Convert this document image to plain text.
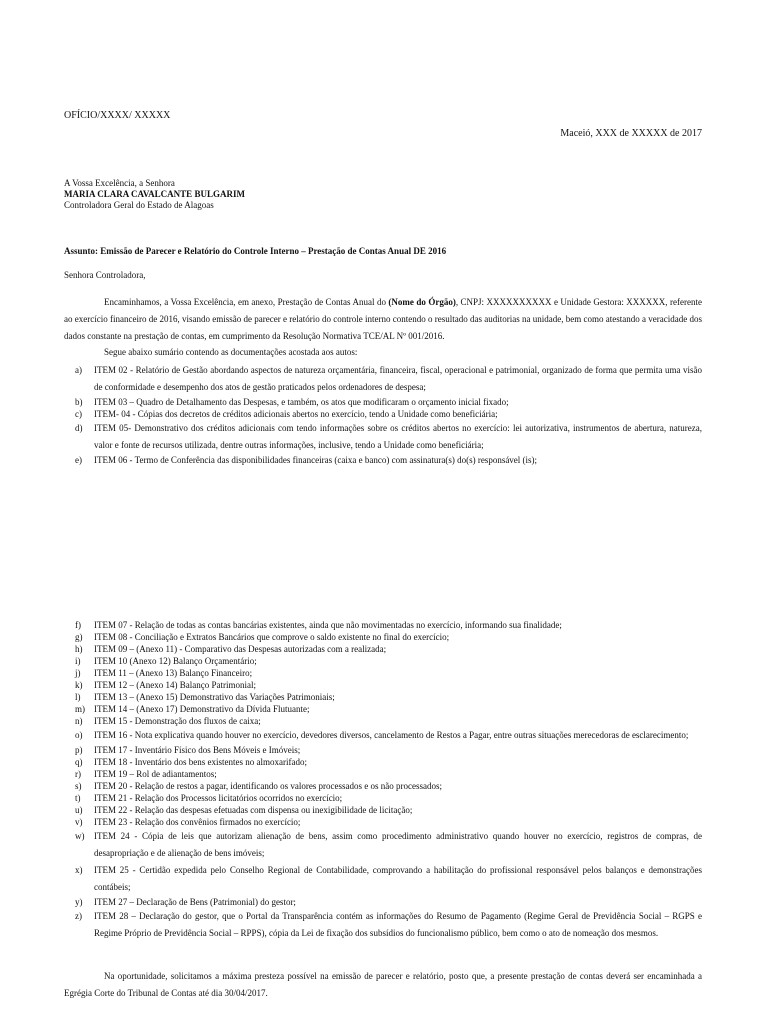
OFÍCIO/XXXX/ XXXXX

Maceió, XXX de XXXXX de 2017

A Vossa Excelência, a Senhora
MARIA CLARA CAVALCANTE BULGARIM
Controladora Geral do Estado de Alagoas
Assunto: Emissão de Parecer e Relatório do Controle Interno – Prestação de Contas Anual DE 2016
Senhora Controladora,

Encaminhamos, a Vossa Excelência, em anexo, Prestação de Contas Anual do (Nome do Órgão), CNPJ: XXXXXXXXXX e Unidade Gestora: XXXXXX, referente ao exercício financeiro de 2016, visando emissão de parecer e relatório do controle interno contendo o resultado das auditorias na unidade, bem como atestando a veracidade dos dados constante na prestação de contas, em cumprimento da Resolução Normativa TCE/AL Nº 001/2016.

Segue abaixo sumário contendo as documentações acostada aos autos:

a)	ITEM 02 - Relatório de Gestão abordando aspectos de natureza orçamentária, financeira, fiscal, operacional e patrimonial, organizado de forma que permita uma visão de conformidade e desempenho dos atos de gestão praticados pelos ordenadores de despesa;
b)	ITEM 03 – Quadro de Detalhamento das Despesas, e também, os atos que modificaram o orçamento inicial fixado;
c)	ITEM- 04 - Cópias dos decretos de créditos adicionais abertos no exercício, tendo a Unidade como beneficiária;
d)	ITEM 05- Demonstrativo dos créditos adicionais com tendo informações sobre os créditos abertos no exercício: lei autorizativa, instrumentos de abertura, natureza, valor e fonte de recursos utilizada, dentre outras informações, inclusive, tendo a Unidade como beneficiária;
e)	ITEM 06 - Termo de Conferência das disponibilidades financeiras (caixa e banco) com assinatura(s) do(s) responsável (is);
f)	ITEM 07 - Relação de todas as contas bancárias existentes, ainda que não movimentadas no exercício, informando sua finalidade;
g)	ITEM 08 - Conciliação e Extratos Bancários que comprove o saldo existente no final do exercício;
h)	ITEM 09 – (Anexo 11) - Comparativo das Despesas autorizadas com a realizada;
i)	ITEM 10 (Anexo 12) Balanço Orçamentário;
j)	ITEM 11 – (Anexo 13) Balanço Financeiro;
k)	ITEM 12 – (Anexo 14) Balanço Patrimonial;
l)	ITEM 13 – (Anexo 15) Demonstrativo das Variações Patrimoniais;
m)	ITEM 14 – (Anexo 17) Demonstrativo da Dívida Flutuante;
n)	ITEM 15 - Demonstração dos fluxos de caixa;
o)	ITEM 16 - Nota explicativa quando houver no exercício, devedores diversos, cancelamento de Restos a Pagar, entre outras situações merecedoras de esclarecimento;
p)	ITEM 17 - Inventário Físico dos Bens Móveis e Imóveis;
q)	ITEM 18 - Inventário dos bens existentes no almoxarifado;
r)	ITEM 19 – Rol de adiantamentos;
s)	ITEM 20 - Relação de restos a pagar, identificando os valores processados e os não processados;
t)	ITEM 21 - Relação dos Processos licitatórios ocorridos no exercício;
u)	ITEM 22 - Relação das despesas efetuadas com dispensa ou inexigibilidade de licitação;
v)	ITEM 23 - Relação dos convênios firmados no exercício;
w)	ITEM 24 - Cópia de leis que autorizam alienação de bens, assim como procedimento administrativo quando houver no exercício, registros de compras, de desapropriação e de alienação de bens imóveis;
x)	ITEM 25 - Certidão expedida pelo Conselho Regional de Contabilidade, comprovando a habilitação do profissional responsável pelos balanços e demonstrações contábeis;
y)	ITEM 27 – Declaração de Bens (Patrimonial) do gestor;
z)	ITEM 28 – Declaração do gestor, que o Portal da Transparência contém as informações do Resumo de Pagamento (Regime Geral de Previdência Social – RGPS e Regime Próprio de Previdência Social – RPPS), cópia da Lei de fixação dos subsídios do funcionalismo público, bem como o ato de nomeação dos mesmos.

Na oportunidade, solicitamos a máxima presteza possível na emissão de parecer e relatório, posto que, a presente prestação de contas deverá ser encaminhada a Egrégia Corte do Tribunal de Contas até dia 30/04/2017.
